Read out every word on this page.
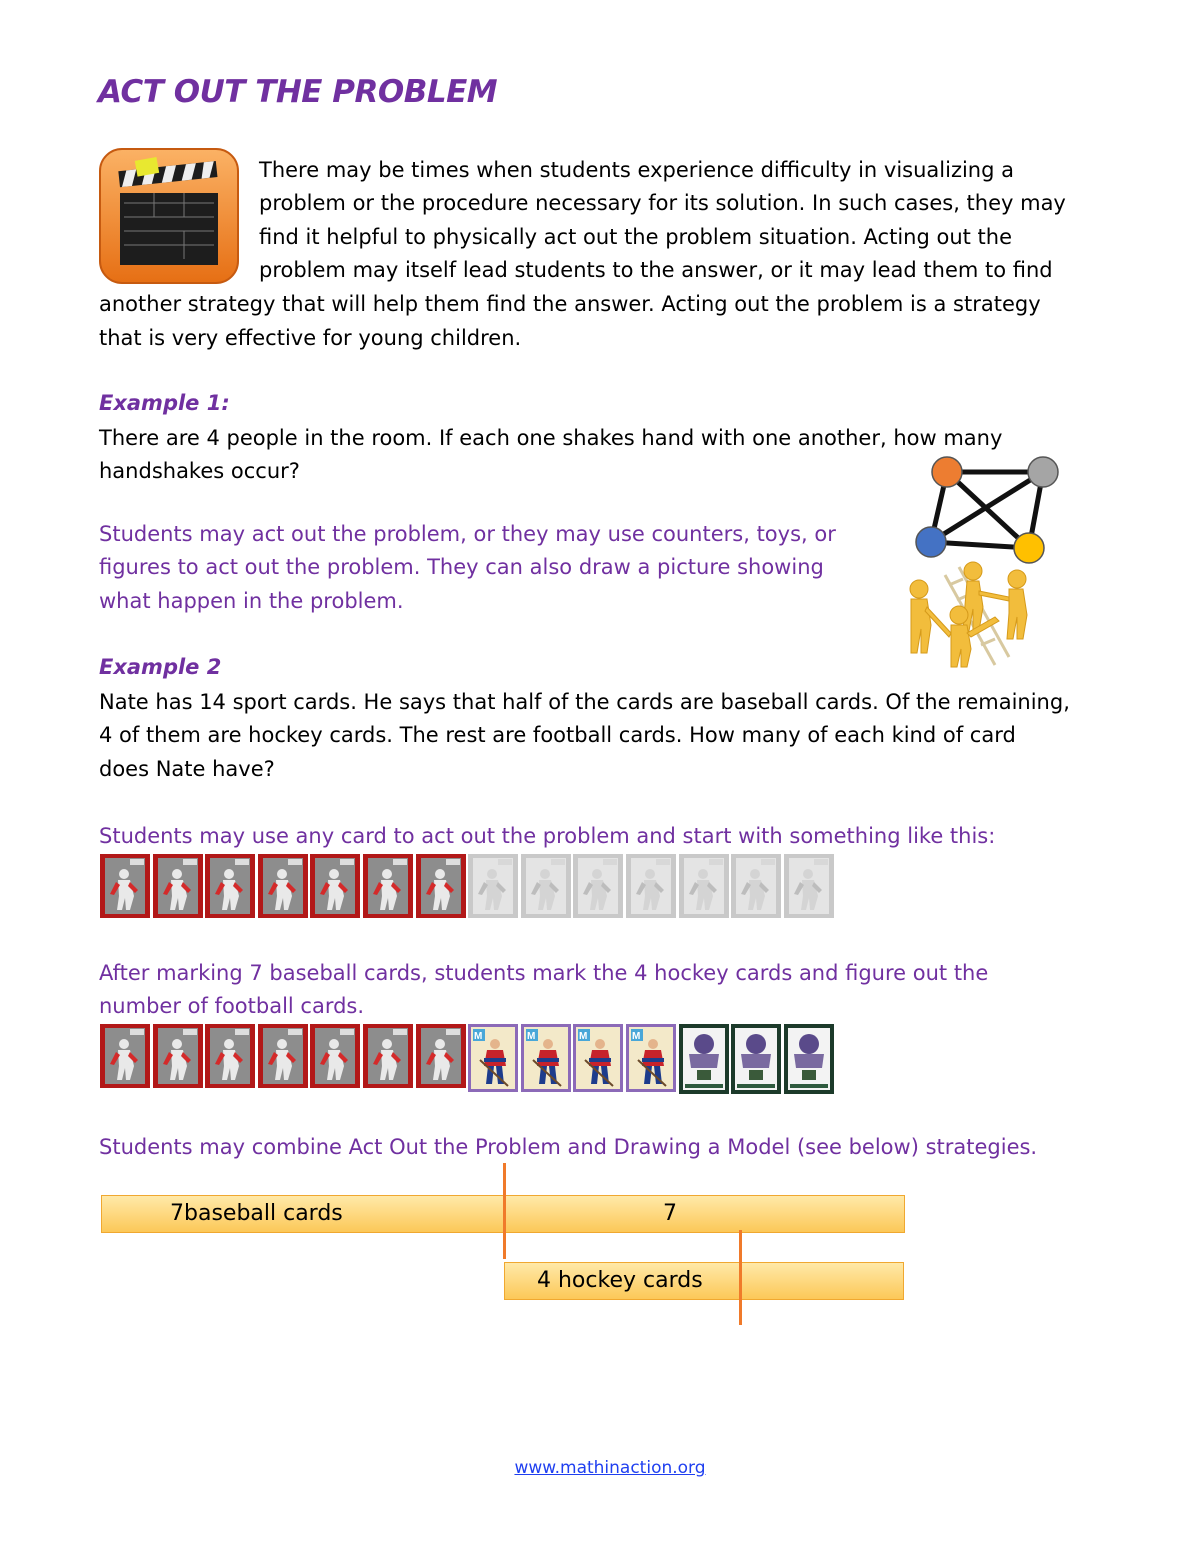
ACT OUT THE PROBLEM
There may be times when students experience difficulty in visualizing a
problem or the procedure necessary for its solution. In such cases, they may
find it helpful to physically act out the problem situation. Acting out the
problem may itself lead students to the answer, or it may lead them to find
another strategy that will help them find the answer. Acting out the problem is a strategy
that is very effective for young children.
Example 1:
There are 4 people in the room. If each one shakes hand with one another, how many
handshakes occur?
Students may act out the problem, or they may use counters, toys, or
figures to act out the problem. They can also draw a picture showing
what happen in the problem.
Example 2
Nate has 14 sport cards. He says that half of the cards are baseball cards. Of the remaining,
4 of them are hockey cards. The rest are football cards. How many of each kind of card
does Nate have?
Students may use any card to act out the problem and start with something like this:
After marking 7 baseball cards, students mark the 4 hockey cards and figure out the
number of football cards.
M	M	M	M
Students may combine Act Out the Problem and Drawing a Model (see below) strategies.
7baseball cards	7
4 hockey cards
www.mathinaction.org
